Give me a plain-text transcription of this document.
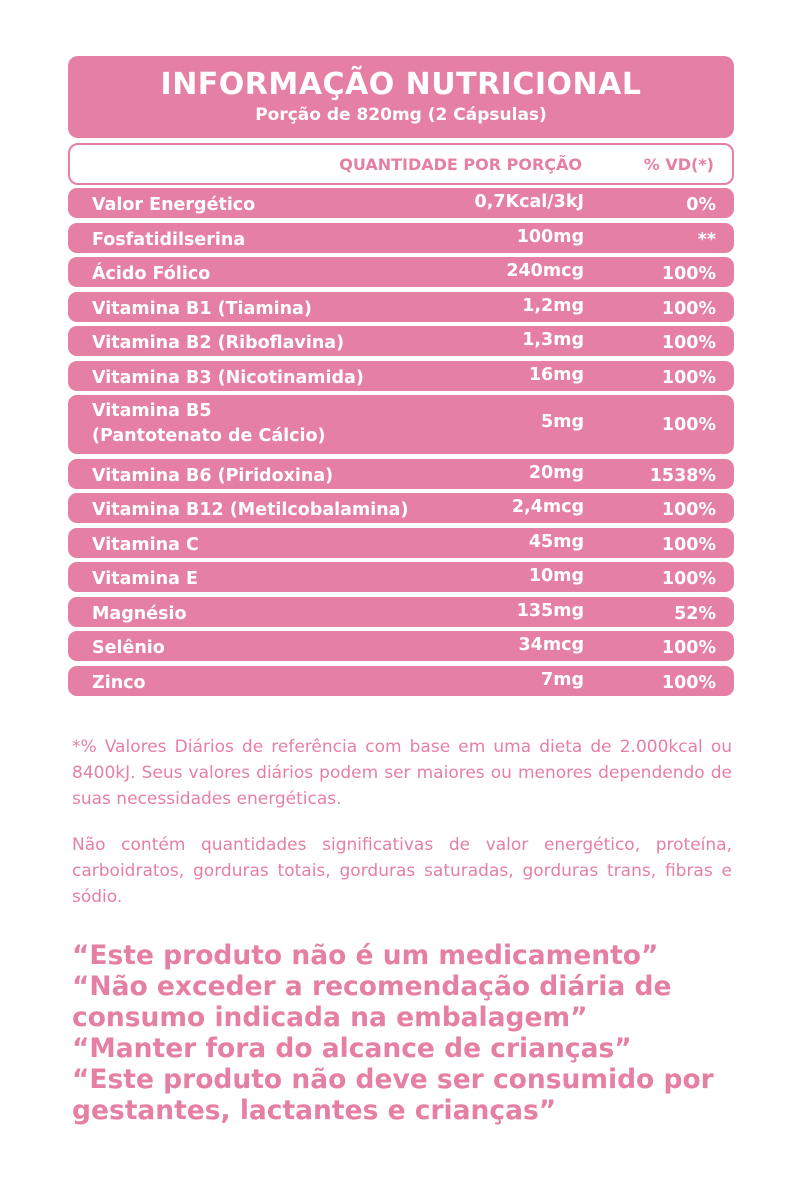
INFORMAÇÃO NUTRICIONAL
Porção de 820mg (2 Cápsulas)
QUANTIDADE POR PORÇÃO	% VD(*)
Valor Energético	0,7Kcal/3kJ	0%
Fosfatidilserina	100mg	**
Ácido Fólico	240mcg	100%
Vitamina B1 (Tiamina)	1,2mg	100%
Vitamina B2 (Riboflavina)	1,3mg	100%
Vitamina B3 (Nicotinamida)	16mg	100%
Vitamina B5
(Pantotenato de Cálcio)
5mg	100%
Vitamina B6 (Piridoxina)	20mg	1538%
Vitamina B12 (Metilcobalamina)	2,4mcg	100%
Vitamina C	45mg	100%
Vitamina E	10mg	100%
Magnésio	135mg	52%
Selênio	34mcg	100%
Zinco	7mg	100%
*% Valores Diários de referência com base em uma dieta de 2.000kcal ou 8400kJ. Seus valores diários podem ser maiores ou menores dependendo de suas necessidades energéticas.
Não contém quantidades significativas de valor energético, proteína, carboidratos, gorduras totais, gorduras saturadas, gorduras trans, fibras e sódio.
“Este produto não é um medicamento”
“Não exceder a recomendação diária de
consumo indicada na embalagem”
“Manter fora do alcance de crianças”
“Este produto não deve ser consumido por
gestantes, lactantes e crianças”
